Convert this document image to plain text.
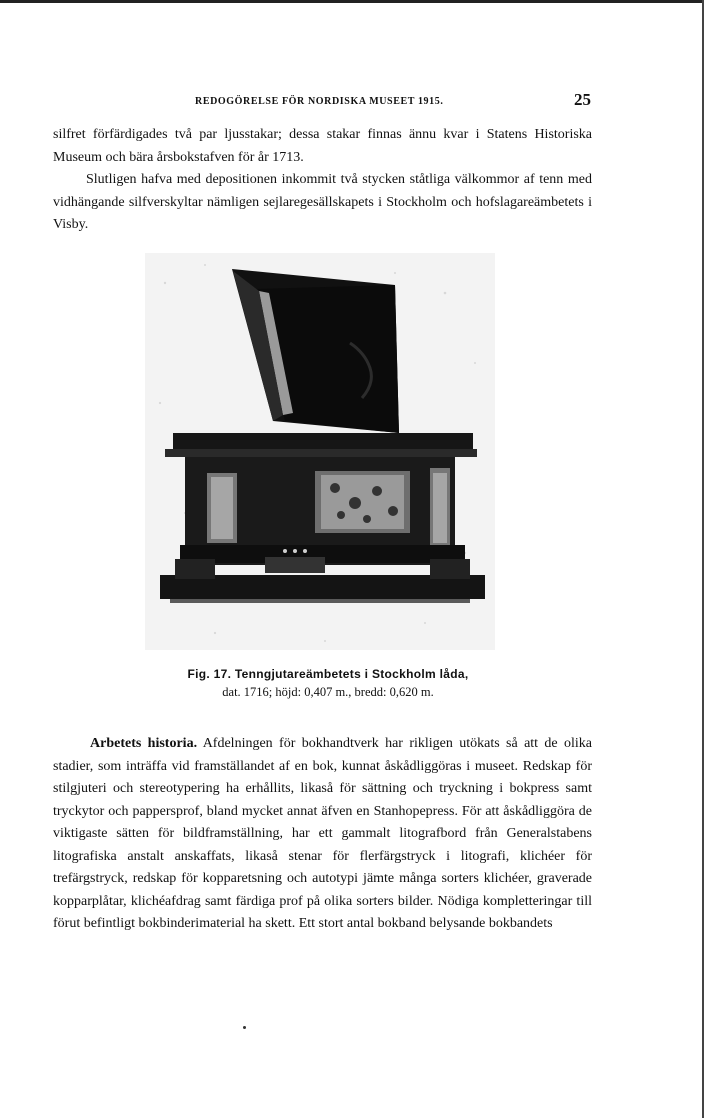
REDOGÖRELSE FÖR NORDISKA MUSEET 1915.	25
silfret förfärdigades två par ljusstakar; dessa stakar finnas ännu kvar i Statens Historiska Museum och bära årsbokstafven för år 1713.
Slutligen hafva med depositionen inkommit två stycken ståtliga välkommor af tenn med vidhängande silfverskyltar nämligen sejlaregesällskapets i Stockholm och hofslagareämbetets i Visby.
Fig. 17. Tenngjutareämbetets i Stockholm låda,
dat. 1716; höjd: 0,407 m., bredd: 0,620 m.
Arbetets historia. Afdelningen för bokhandtverk har rikligen utökats så att de olika stadier, som inträffa vid framställandet af en bok, kunnat åskådliggöras i museet. Redskap för stilgjuteri och stereotypering ha erhållits, likaså för sättning och tryckning i bokpress samt tryckytor och pappersprof, bland mycket annat äfven en Stanhopepress. För att åskådliggöra de viktigaste sätten för bildframställning, har ett gammalt litografbord från Generalstabens litografiska anstalt anskaffats, likaså stenar för flerfärgstryck i litografi, klichéer för trefärgstryck, redskap för kopparetsning och autotypi jämte många sorters klichéer, graverade kopparplåtar, klichéafdrag samt färdiga prof på olika sorters bilder. Nödiga kompletteringar till förut befintligt bokbinderimaterial ha skett. Ett stort antal bokband belysande bokbandets
